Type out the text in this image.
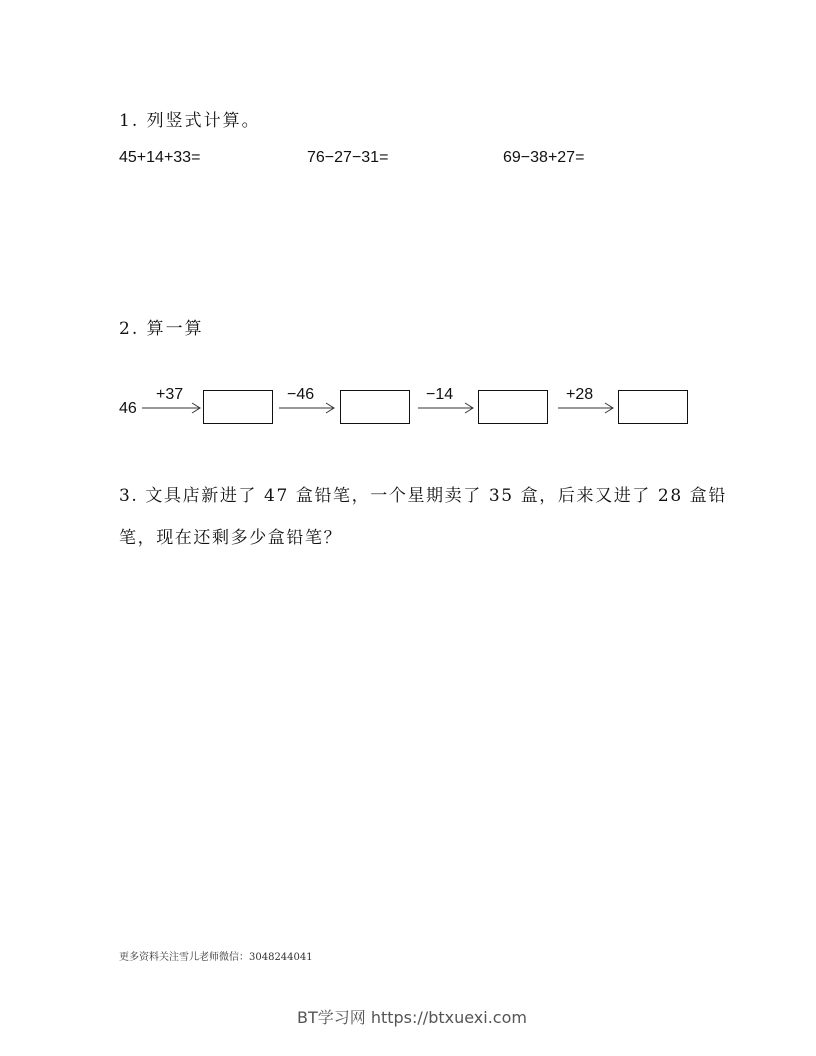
1. 列竖式计算。
45+14+33=	76−27−31=	69−38+27=
2. 算一算
46
+37	−46	−14	+28
3. 文具店新进了 47 盒铅笔，一个星期卖了 35 盒，后来又进了 28 盒铅
笔，现在还剩多少盒铅笔？
更多资料关注雪儿老师微信：3048244041
BT学习网 https://btxuexi.com
